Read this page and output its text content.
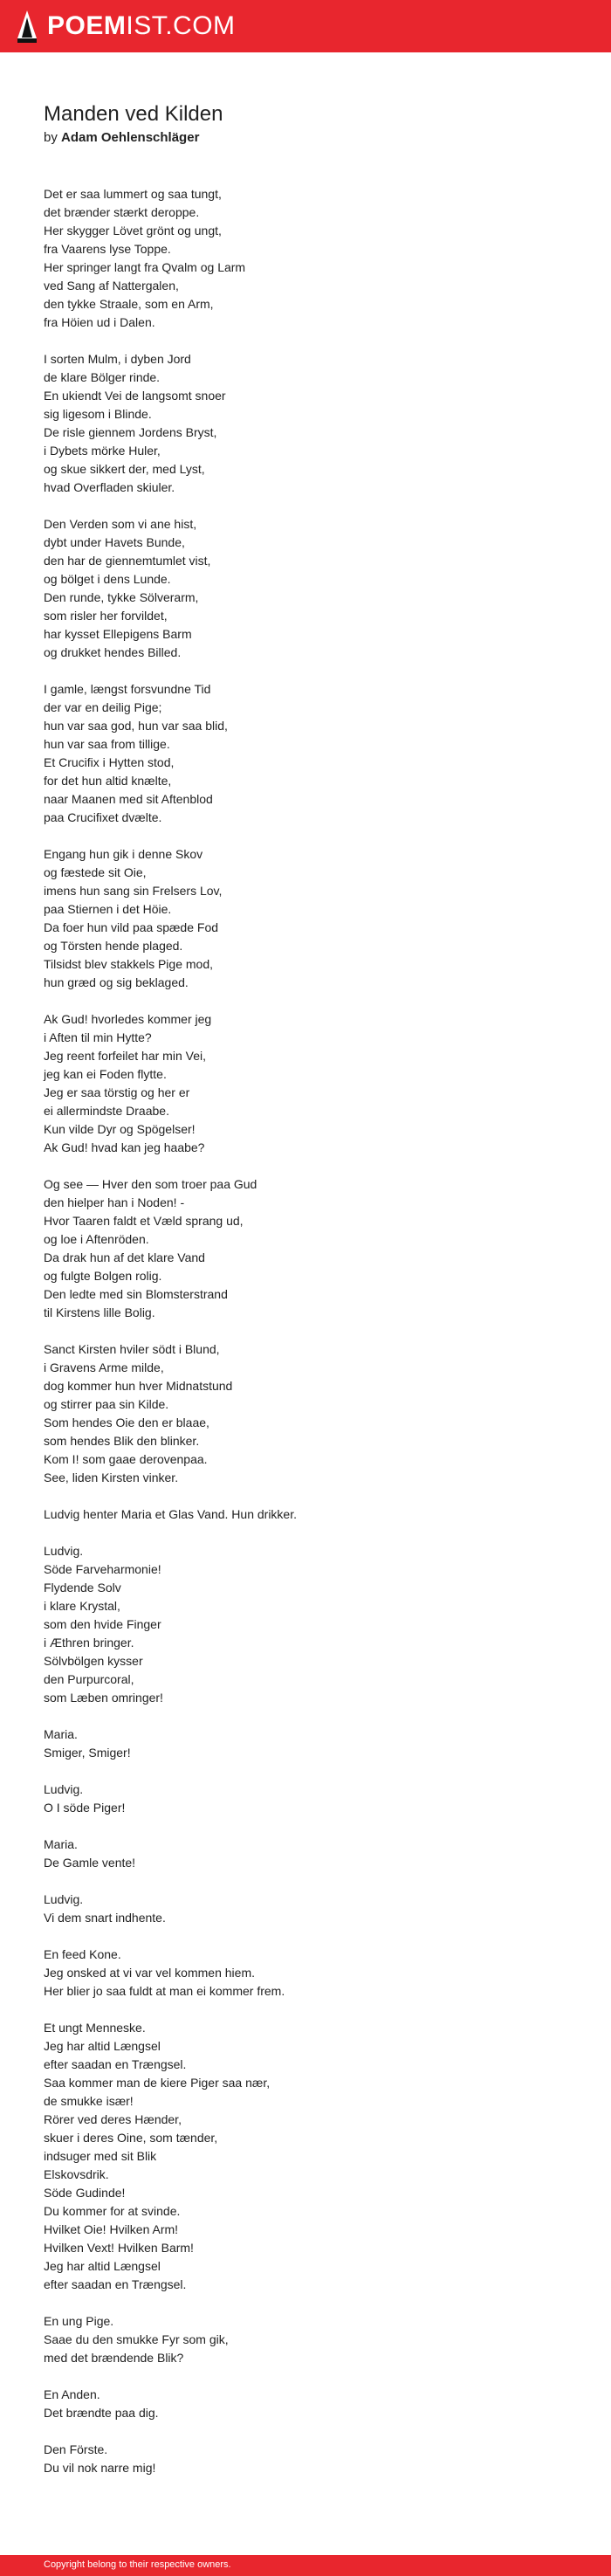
POEMIST.COM
Manden ved Kilden
by Adam Oehlenschläger
Det er saa lummert og saa tungt,
det brænder stærkt deroppe.
Her skygger Lövet grönt og ungt,
fra Vaarens lyse Toppe.
Her springer langt fra Qvalm og Larm
ved Sang af Nattergalen,
den tykke Straale, som en Arm,
fra Höien ud i Dalen.
I sorten Mulm, i dyben Jord
de klare Bölger rinde.
En ukiendt Vei de langsomt snoer
sig ligesom i Blinde.
De risle giennem Jordens Bryst,
i Dybets mörke Huler,
og skue sikkert der, med Lyst,
hvad Overfladen skiuler.
Den Verden som vi ane hist,
dybt under Havets Bunde,
den har de giennemtumlet vist,
og bölget i dens Lunde.
Den runde, tykke Sölverarm,
som risler her forvildet,
har kysset Ellepigens Barm
og drukket hendes Billed.
I gamle, længst forsvundne Tid
der var en deilig Pige;
hun var saa god, hun var saa blid,
hun var saa from tillige.
Et Crucifix i Hytten stod,
for det hun altid knælte,
naar Maanen med sit Aftenblod
paa Crucifixet dvælte.
Engang hun gik i denne Skov
og fæstede sit Oie,
imens hun sang sin Frelsers Lov,
paa Stiernen i det Höie.
Da foer hun vild paa spæde Fod
og Törsten hende plaged.
Tilsidst blev stakkels Pige mod,
hun græd og sig beklaged.
Ak Gud! hvorledes kommer jeg
i Aften til min Hytte?
Jeg reent forfeilet har min Vei,
jeg kan ei Foden flytte.
Jeg er saa törstig og her er
ei allermindste Draabe.
Kun vilde Dyr og Spögelser!
Ak Gud! hvad kan jeg haabe?
Og see — Hver den som troer paa Gud
den hielper han i Noden! -
Hvor Taaren faldt et Væld sprang ud,
og loe i Aftenröden.
Da drak hun af det klare Vand
og fulgte Bolgen rolig.
Den ledte med sin Blomsterstrand
til Kirstens lille Bolig.
Sanct Kirsten hviler södt i Blund,
i Gravens Arme milde,
dog kommer hun hver Midnatstund
og stirrer paa sin Kilde.
Som hendes Oie den er blaae,
som hendes Blik den blinker.
Kom I! som gaae derovenpaa.
See, liden Kirsten vinker.
Ludvig henter Maria et Glas Vand. Hun drikker.
Ludvig.
Söde Farveharmonie!
Flydende Solv
i klare Krystal,
som den hvide Finger
i Æthren bringer.
Sölvbölgen kysser
den Purpurcoral,
som Læben omringer!
Maria.
Smiger, Smiger!
Ludvig.
O I söde Piger!
Maria.
De Gamle vente!
Ludvig.
Vi dem snart indhente.
En feed Kone.
Jeg onsked at vi var vel kommen hiem.
Her blier jo saa fuldt at man ei kommer frem.
Et ungt Menneske.
Jeg har altid Længsel
efter saadan en Trængsel.
Saa kommer man de kiere Piger saa nær,
de smukke især!
Rörer ved deres Hænder,
skuer i deres Oine, som tænder,
indsuger med sit Blik
Elskovsdrik.
Söde Gudinde!
Du kommer for at svinde.
Hvilket Oie! Hvilken Arm!
Hvilken Vext! Hvilken Barm!
Jeg har altid Længsel
efter saadan en Trængsel.
En ung Pige.
Saae du den smukke Fyr som gik,
med det brændende Blik?
En Anden.
Det brændte paa dig.
Den Förste.
Du vil nok narre mig!
Copyright belong to their respective owners.
